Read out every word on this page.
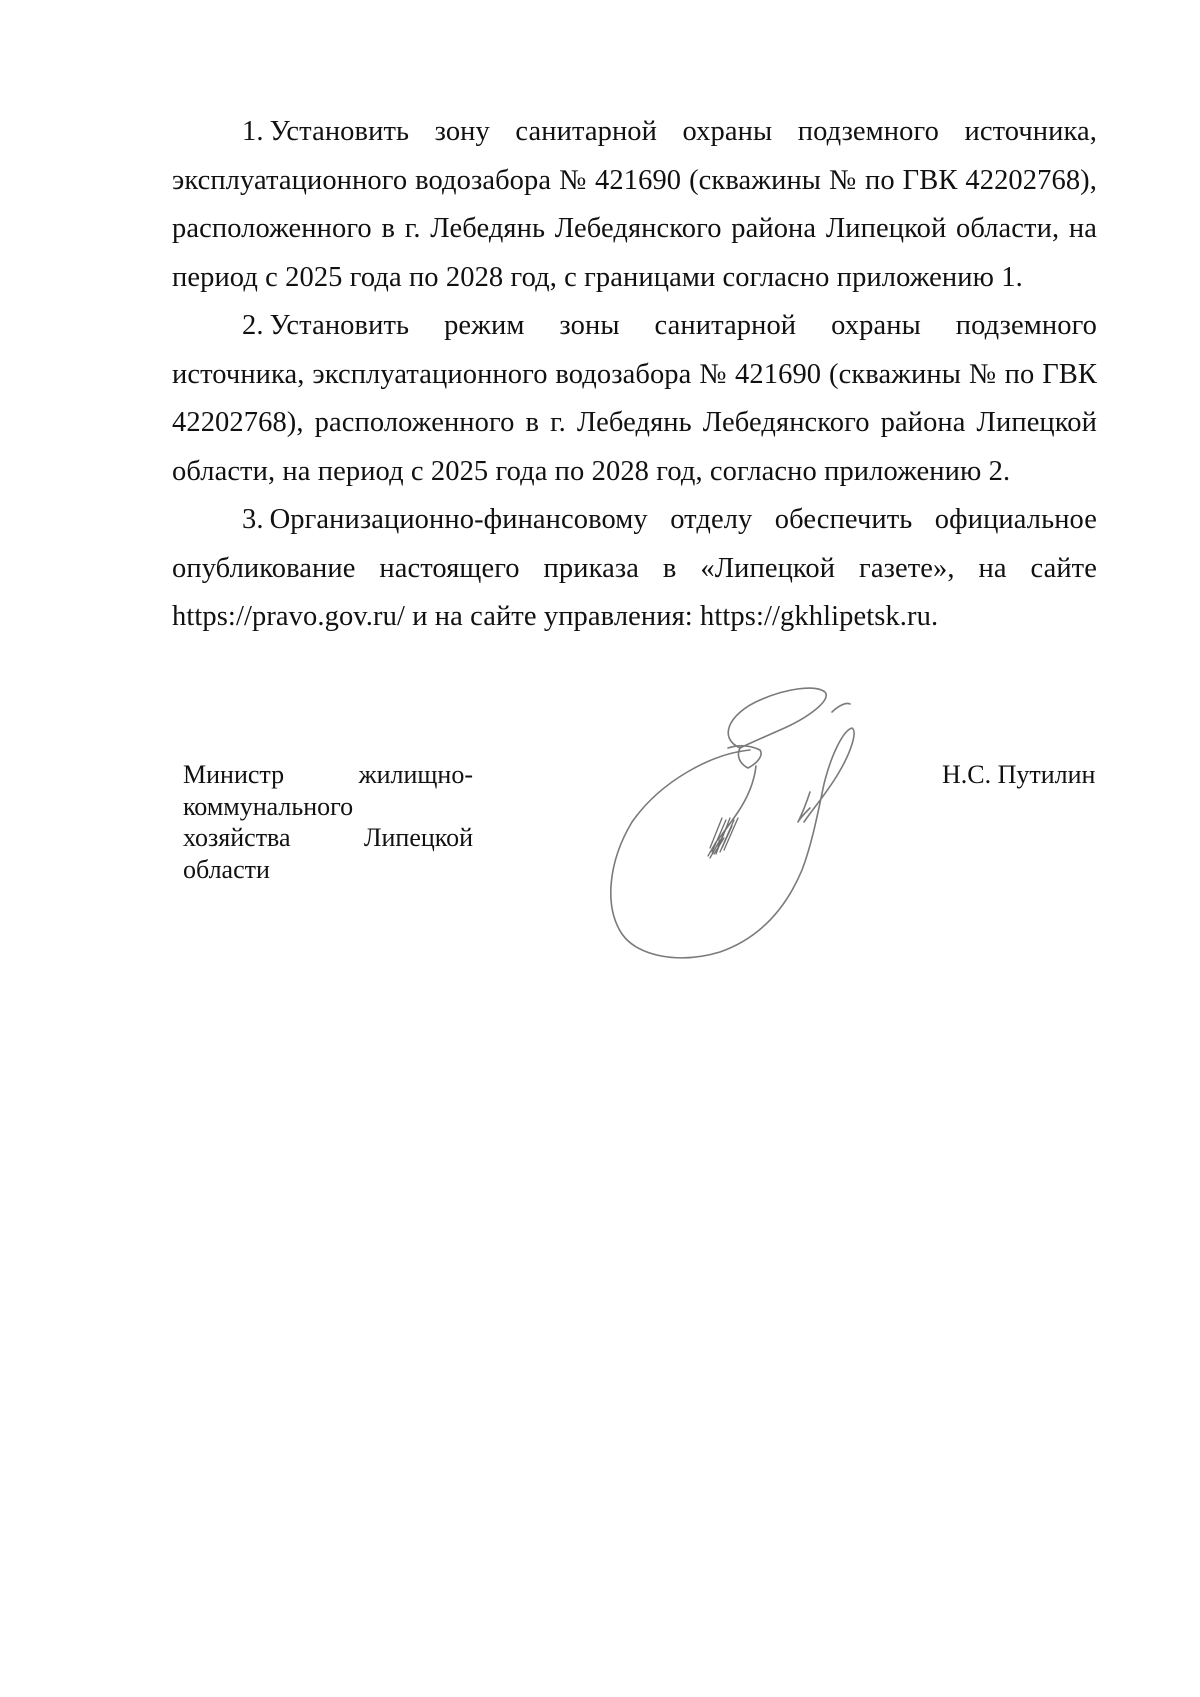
1. Установить зону санитарной охраны подземного источника, эксплуатационного водозабора № 421690 (скважины № по ГВК 42202768), расположенного в г. Лебедянь Лебедянского района Липецкой области, на период с 2025 года по 2028 год, с границами согласно приложению 1.

2. Установить режим зоны санитарной охраны подземного источника, эксплуатационного водозабора № 421690 (скважины № по ГВК 42202768), расположенного в г. Лебедянь Лебедянского района Липецкой области, на период с 2025 года по 2028 год, согласно приложению 2.

3. Организационно-финансовому отделу обеспечить официальное опубликование настоящего приказа в «Липецкой газете», на сайте https://pravo.gov.ru/ и на сайте управления: https://gkhlipetsk.ru.

Министр жилищно-
коммунального
хозяйства Липецкой
области
Н.С. Путилин
